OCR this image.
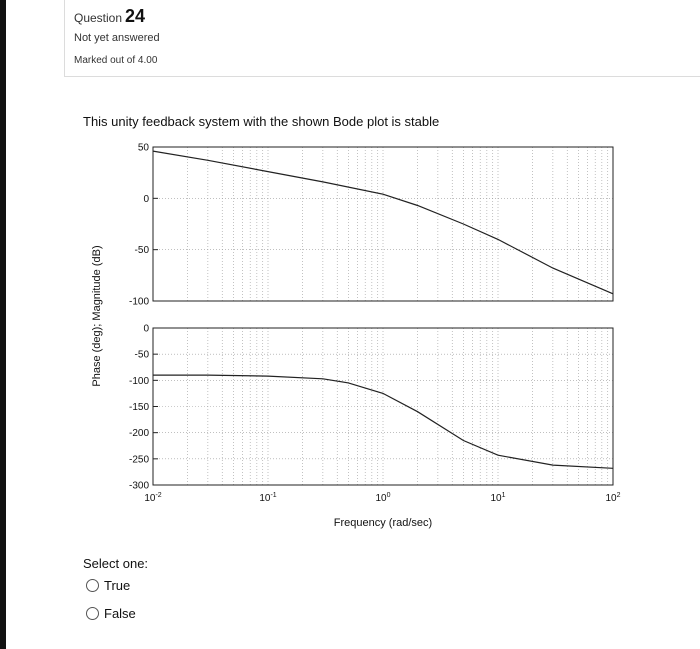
Question 24
Not yet answered
Marked out of 4.00
This unity feedback system with the shown Bode plot is stable
50
0
-50
-100
0
-50
-100
-150
-200
-250
-300
$10^{-2}$	$10^{-1}$	$10^0$	$10^1$	$10^2$
Frequency (rad/sec)
Phase (deg); Magnitude (dB)
Select one:
True
False
